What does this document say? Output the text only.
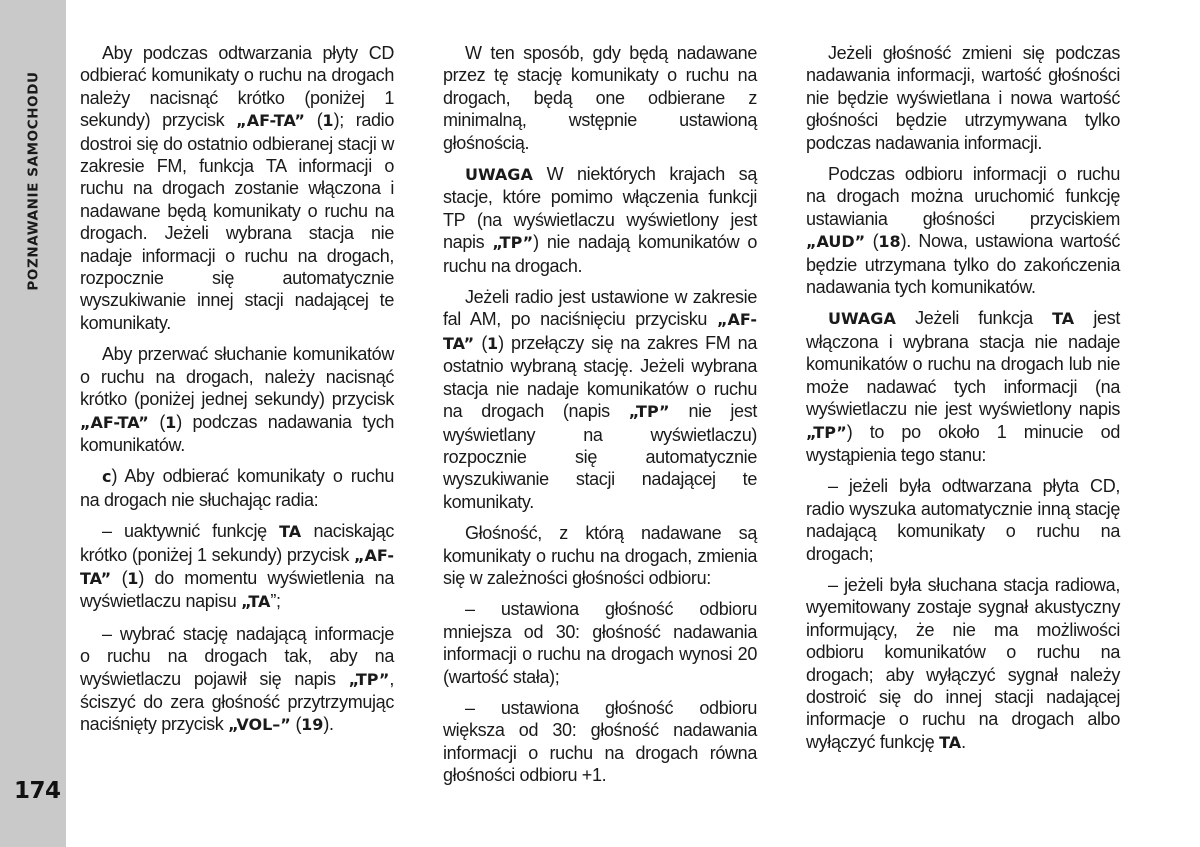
POZNAWANIE SAMOCHODU
174

Aby podczas odtwarzania płyty CD odbierać komunikaty o ruchu na drogach należy nacisnąć krótko (poniżej 1 sekundy) przycisk „AF-TA” (1); radio dostroi się do ostatnio odbieranej stacji w zakresie FM, funkcja TA informacji o ruchu na drogach zostanie włączona i nadawane będą komunikaty o ruchu na drogach. Jeżeli wybrana stacja nie nadaje informacji o ruchu na drogach, rozpocznie się automatycznie wyszukiwanie innej stacji nadającej te komunikaty.

Aby przerwać słuchanie komunikatów o ruchu na drogach, należy nacisnąć krótko (poniżej jednej sekundy) przycisk „AF-TA” (1) podczas nadawania tych komunikatów.

c) Aby odbierać komunikaty o ruchu na drogach nie słuchając radia:

– uaktywnić funkcję TA naciskając krótko (poniżej 1 sekundy) przycisk „AF-TA” (1) do momentu wyświetlenia na wyświetlaczu napisu „TA”;

– wybrać stację nadającą informacje o ruchu na drogach tak, aby na wyświetlaczu pojawił się napis „TP”, ściszyć do zera głośność przytrzymując naciśnięty przycisk „VOL–” (19).

W ten sposób, gdy będą nadawane przez tę stację komunikaty o ruchu na drogach, będą one odbierane z minimalną, wstępnie ustawioną głośnością.

UWAGA W niektórych krajach są stacje, które pomimo włączenia funkcji TP (na wyświetlaczu wyświetlony jest napis „TP”) nie nadają komunikatów o ruchu na drogach.

Jeżeli radio jest ustawione w zakresie fal AM, po naciśnięciu przycisku „AF-TA” (1) przełączy się na zakres FM na ostatnio wybraną stację. Jeżeli wybrana stacja nie nadaje komunikatów o ruchu na drogach (napis „TP” nie jest wyświetlany na wyświetlaczu) rozpocznie się automatycznie wyszukiwanie stacji nadającej te komunikaty.

Głośność, z którą nadawane są komunikaty o ruchu na drogach, zmienia się w zależności głośności odbioru:

– ustawiona głośność odbioru mniejsza od 30: głośność nadawania informacji o ruchu na drogach wynosi 20 (wartość stała);

– ustawiona głośność odbioru większa od 30: głośność nadawania informacji o ruchu na drogach równa głośności odbioru +1.

Jeżeli głośność zmieni się podczas nadawania informacji, wartość głośności nie będzie wyświetlana i nowa wartość głośności będzie utrzymywana tylko podczas nadawania informacji.

Podczas odbioru informacji o ruchu na drogach można uruchomić funkcję ustawiania głośności przyciskiem „AUD” (18). Nowa, ustawiona wartość będzie utrzymana tylko do zakończenia nadawania tych komunikatów.

UWAGA Jeżeli funkcja TA jest włączona i wybrana stacja nie nadaje komunikatów o ruchu na drogach lub nie może nadawać tych informacji (na wyświetlaczu nie jest wyświetlony napis „TP”) to po około 1 minucie od wystąpienia tego stanu:

– jeżeli była odtwarzana płyta CD, radio wyszuka automatycznie inną stację nadającą komunikaty o ruchu na drogach;

– jeżeli była słuchana stacja radiowa, wyemitowany zostaje sygnał akustyczny informujący, że nie ma możliwości odbioru komunikatów o ruchu na drogach; aby wyłączyć sygnał należy dostroić się do innej stacji nadającej informacje o ruchu na drogach albo wyłączyć funkcję TA.
